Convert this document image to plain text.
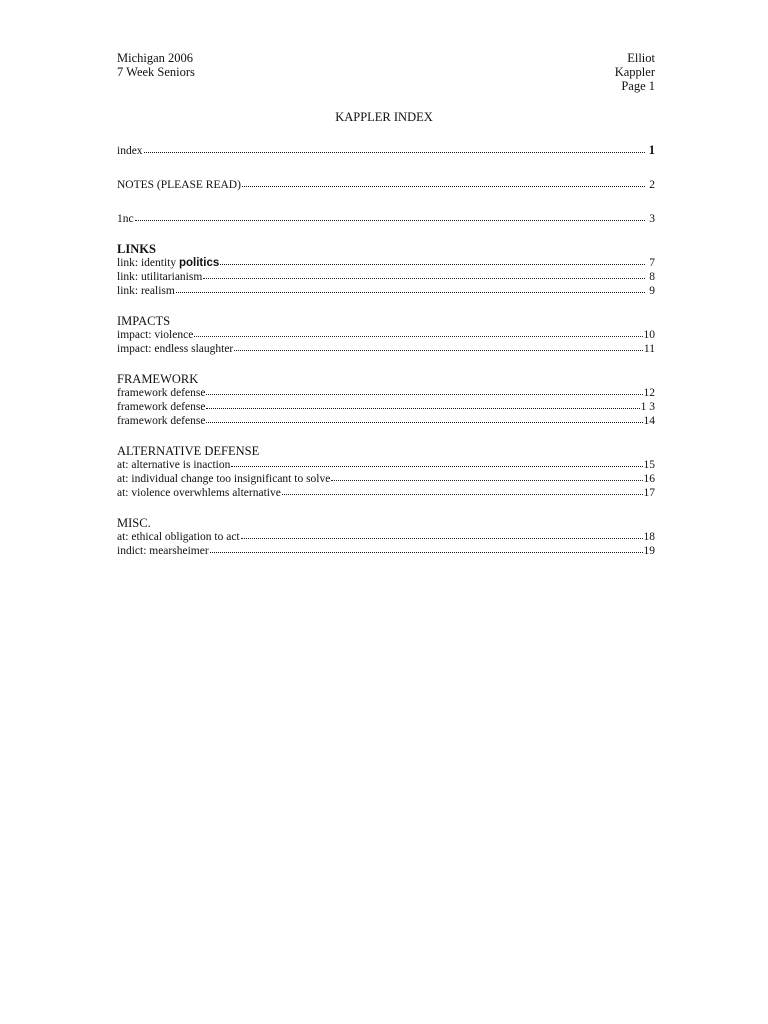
Michigan 2006
7 Week Seniors
Elliot
Kappler
Page 1
KAPPLER INDEX
index	1
NOTES (PLEASE READ)	2
1nc	3
LINKS
link: identity politics	7
link: utilitarianism	8
link: realism	9
IMPACTS
impact: violence	10
impact: endless slaughter	11
FRAMEWORK
framework defense	12
framework defense	1 3
framework defense	14
ALTERNATIVE DEFENSE
at: alternative is inaction	15
at: individual change too insignificant to solve	16
at: violence overwhlems alternative	17
MISC.
at: ethical obligation to act	18
indict: mearsheimer	19
